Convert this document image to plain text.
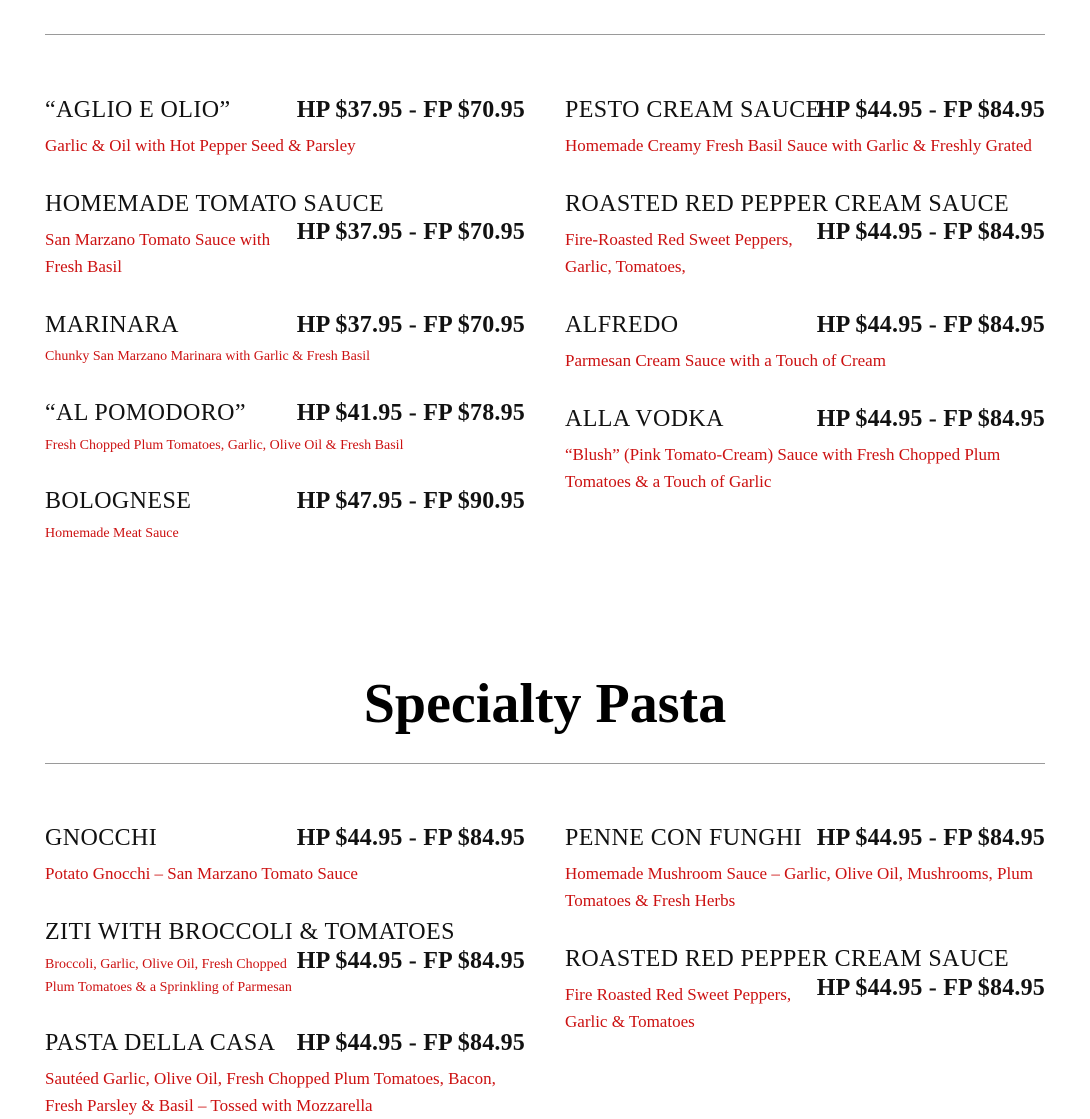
“AGLIO E OLIO”	HP $37.95 - FP $70.95
Garlic & Oil with Hot Pepper Seed & Parsley
HOMEMADE TOMATO SAUCE
HP $37.95 - FP $70.95
San Marzano Tomato Sauce with Fresh Basil
MARINARA	HP $37.95 - FP $70.95
Chunky San Marzano Marinara with Garlic & Fresh Basil
“AL POMODORO” HP $41.95 - FP $78.95
Fresh Chopped Plum Tomatoes, Garlic, Olive Oil & Fresh Basil
BOLOGNESE	HP $47.95 - FP $90.95
Homemade Meat Sauce
PESTO CREAM SAUCE
HP $44.95 - FP $84.95
Homemade Creamy Fresh Basil Sauce with Garlic & Freshly Grated
ROASTED RED PEPPER CREAM SAUCE
HP $44.95 - FP $84.95
Fire-Roasted Red Sweet Peppers, Garlic, Tomatoes,
ALFREDO	HP $44.95 - FP $84.95
Parmesan Cream Sauce with a Touch of Cream
ALLA VODKA	HP $44.95 - FP $84.95
“Blush” (Pink Tomato-Cream) Sauce with Fresh Chopped Plum Tomatoes & a Touch of Garlic
Specialty Pasta
GNOCCHI	HP $44.95 - FP $84.95
Potato Gnocchi – San Marzano Tomato Sauce
ZITI WITH BROCCOLI & TOMATOES
HP $44.95 - FP $84.95
Broccoli, Garlic, Olive Oil, Fresh Chopped Plum Tomatoes & a Sprinkling of Parmesan
PASTA DELLA CASA HP $44.95 - FP $84.95
Sautéed Garlic, Olive Oil, Fresh Chopped Plum Tomatoes, Bacon, Fresh Parsley & Basil – Tossed with Mozzarella
PENNE CON FUNGHI HP $44.95 - FP $84.95
Homemade Mushroom Sauce – Garlic, Olive Oil, Mushrooms, Plum Tomatoes & Fresh Herbs
ROASTED RED PEPPER CREAM SAUCE
HP $44.95 - FP $84.95
Fire Roasted Red Sweet Peppers, Garlic & Tomatoes
